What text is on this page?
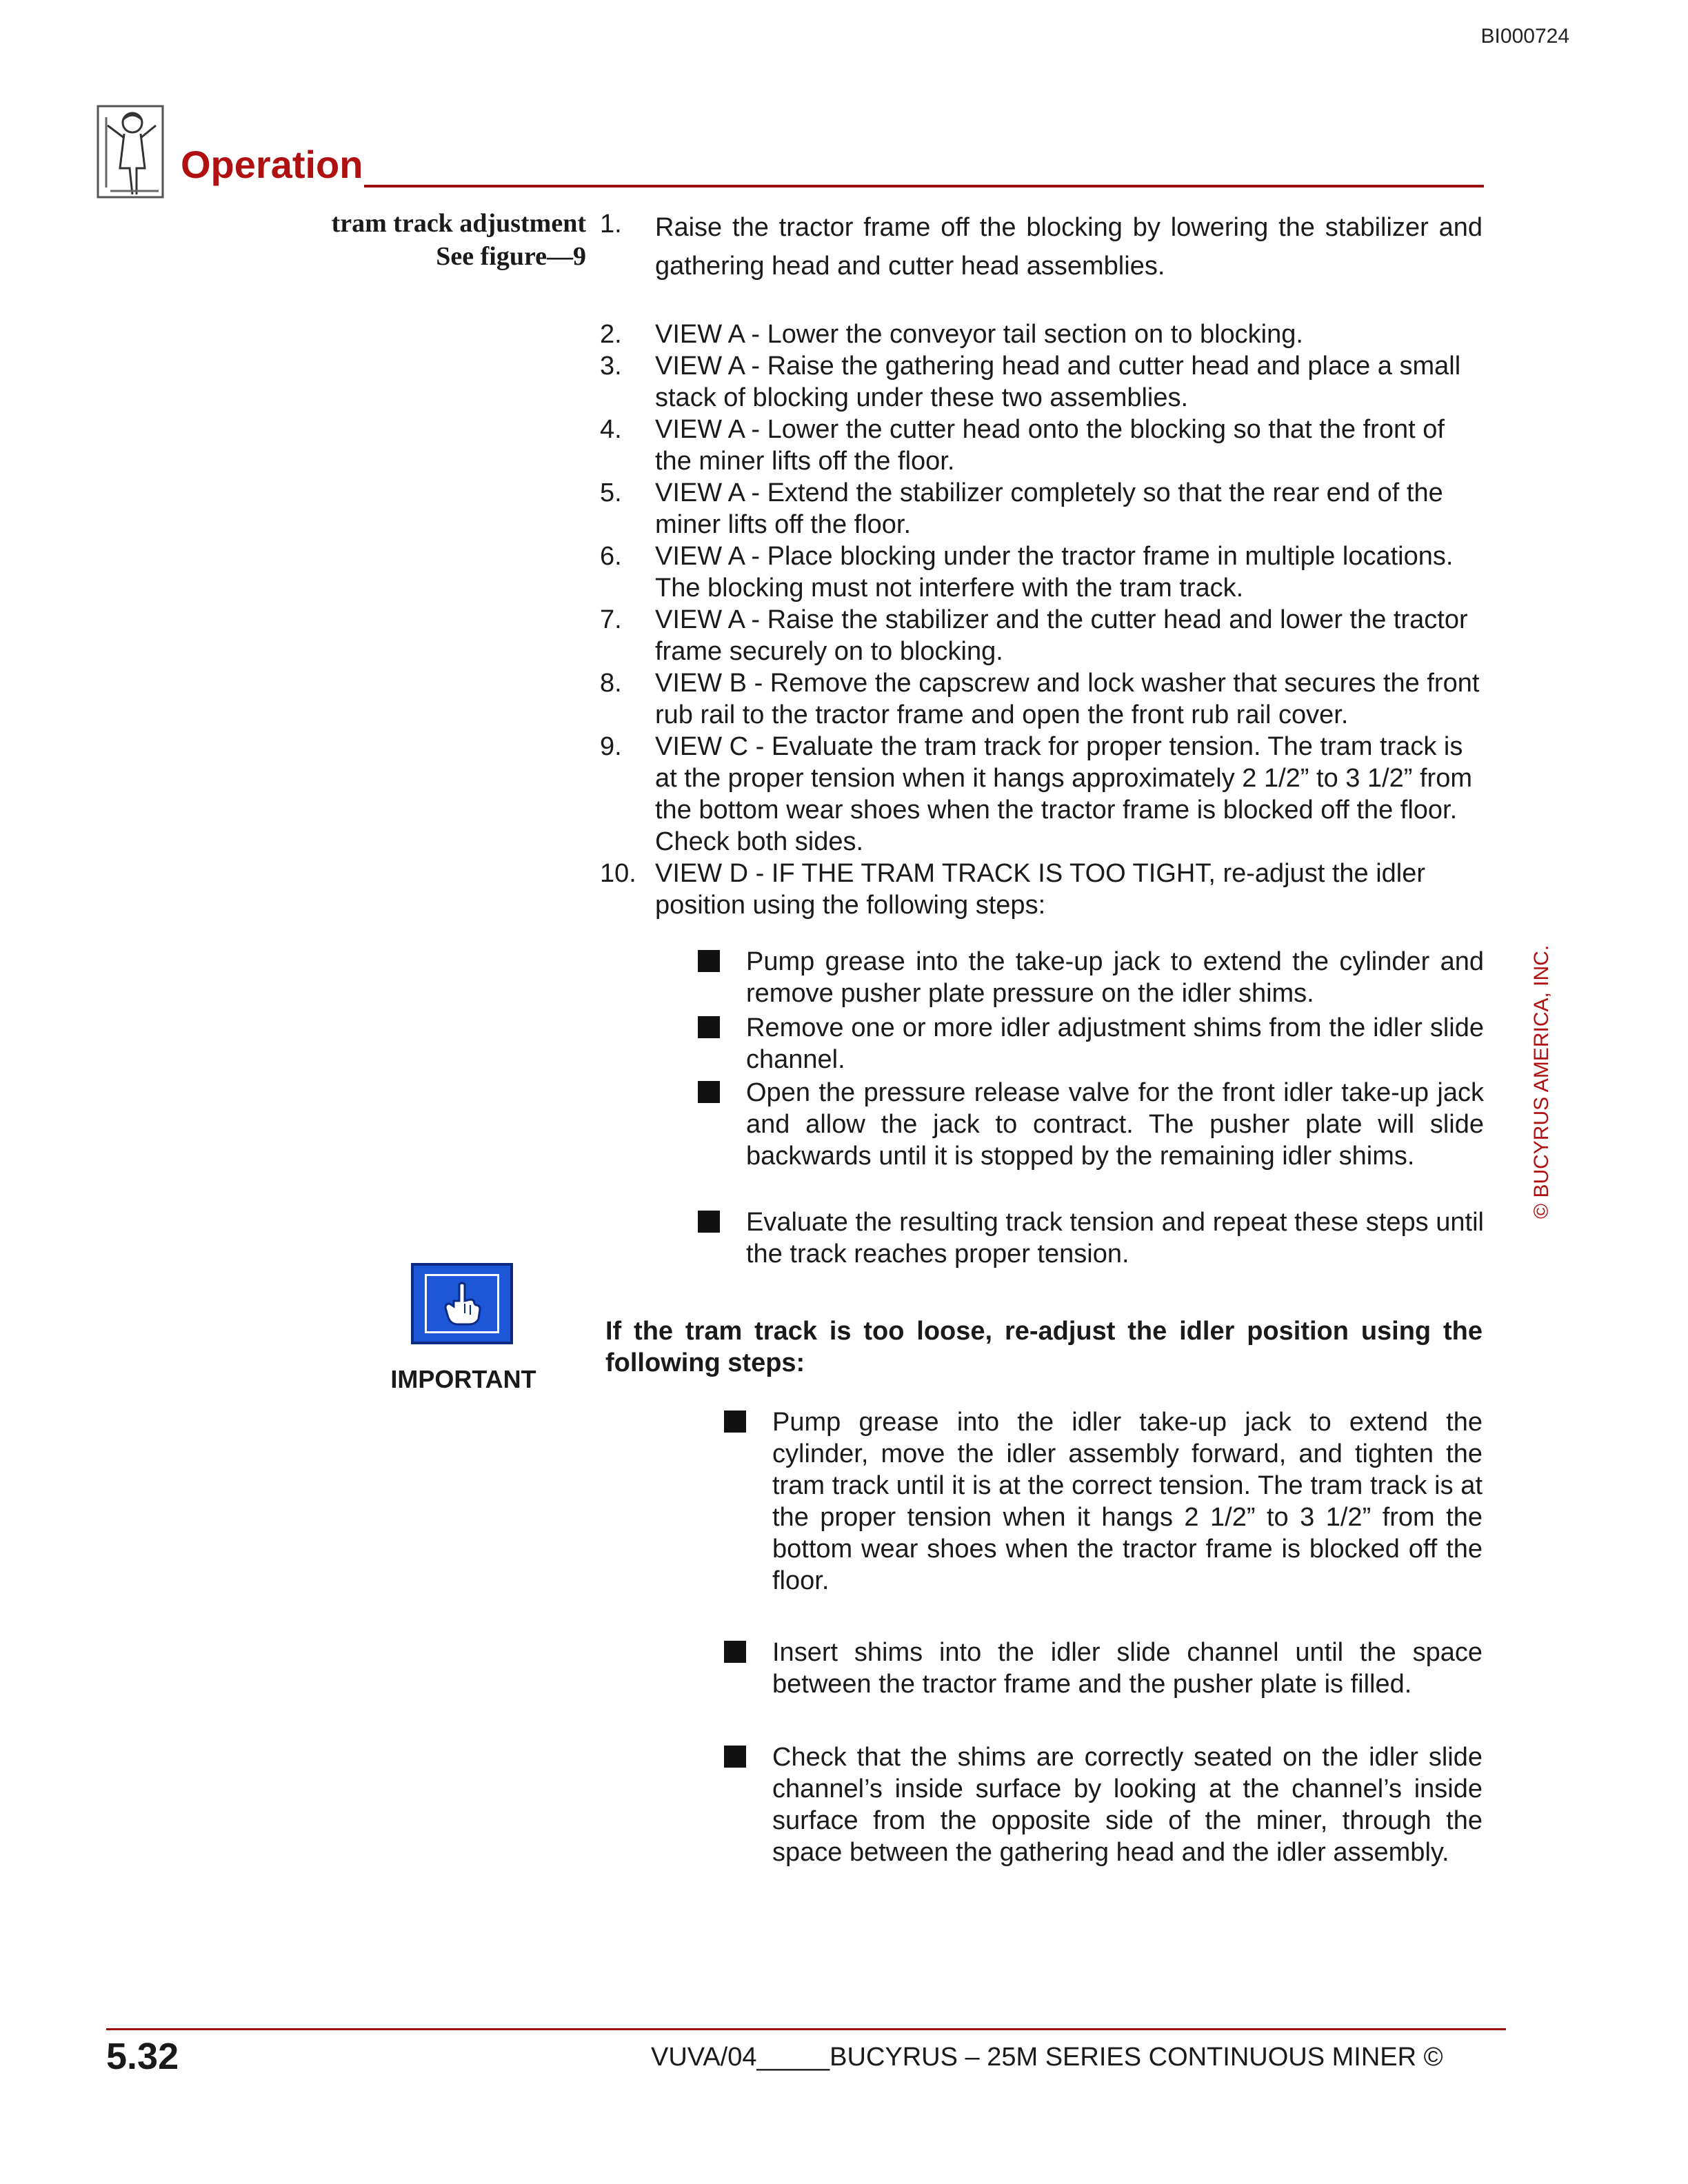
BI000724
Operation
tram track adjustment
See figure—9
1.	Raise the tractor frame off the blocking by lowering the stabilizer and gathering head and cutter head assemblies.
2.	VIEW A - Lower the conveyor tail section on to blocking.
3.	VIEW A - Raise the gathering head and cutter head and place a small stack of blocking under these two assemblies.
4.	VIEW A - Lower the cutter head onto the blocking so that the front of the miner lifts off the floor.
5.	VIEW A - Extend the stabilizer completely so that the rear end of the miner lifts off the floor.
6.	VIEW A - Place blocking under the tractor frame in multiple locations. The blocking must not interfere with the tram track.
7.	VIEW A - Raise the stabilizer and the cutter head and lower the tractor frame securely on to blocking.
8.	VIEW B - Remove the capscrew and lock washer that secures the front rub rail to the tractor frame and open the front rub rail cover.
9.	VIEW C - Evaluate the tram track for proper tension. The tram track is at the proper tension when it hangs approximately 2 1/2” to 3 1/2” from the bottom wear shoes when the tractor frame is blocked off the floor. Check both sides.
10. VIEW D - IF THE TRAM TRACK IS TOO TIGHT, re-adjust the idler position using the following steps:
Pump grease into the take-up jack to extend the cylinder and remove pusher plate pressure on the idler shims.
Remove one or more idler adjustment shims from the idler slide channel.
Open the pressure release valve for the front idler take-up jack and allow the jack to contract. The pusher plate will slide backwards until it is stopped by the remaining idler shims.
Evaluate the resulting track tension and repeat these steps until the track reaches proper tension.
IMPORTANT
If the tram track is too loose, re-adjust the idler position using the following steps:
Pump grease into the idler take-up jack to extend the cylinder, move the idler assembly forward, and tighten the tram track until it is at the correct tension. The tram track is at the proper tension when it hangs 2 1/2” to 3 1/2” from the bottom wear shoes when the tractor frame is blocked off the floor.
Insert shims into the idler slide channel until the space between the tractor frame and the pusher plate is filled.
Check that the shims are correctly seated on the idler slide channel’s inside surface by looking at the channel’s inside surface from the opposite side of the miner, through the space between the gathering head and the idler assembly.
© BUCYRUS AMERICA, INC.
5.32	VUVA/04_____BUCYRUS – 25M SERIES CONTINUOUS MINER ©
